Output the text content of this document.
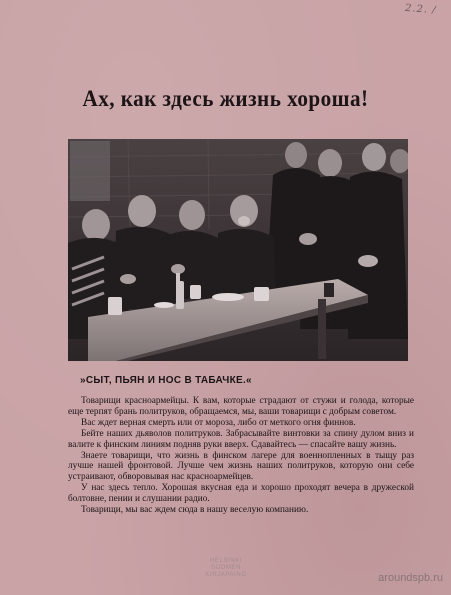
2.2. /
Ах, как здесь жизнь хороша!
»СЫТ, ПЬЯН И НОС В ТАБАЧКЕ.«

Товарищи красноармейцы. К вам, которые страдают от стужи и голода, которые еще терпят брань политруков, обращаемся, мы, ваши товарищи с добрым советом.

Вас ждет верная смерть или от мороза, либо от меткого огня финнов.

Бейте наших дьяволов политруков. Забрасывайте винтовки за спину дулом вниз и валите к финским линиям подняв руки вверх. Сдавайтесь — спасайте вашу жизнь.

Знаете товарищи, что жизнь в финском лагере для военнопленных в тыщу раз лучше нашей фронтовой. Лучше чем жизнь наших политруков, которую они себе устраивают, обворовывая нас красноармейцев.

У нас здесь тепло. Хорошая вкусная еда и хорошо проходят вечера в дружеской болтовне, пении и слушании радио.

Товарищи, мы вас ждем сюда в нашу веселую компанию.

HELSINKI
SUOMEN
KIRJAPAINO	aroundspb.ru
